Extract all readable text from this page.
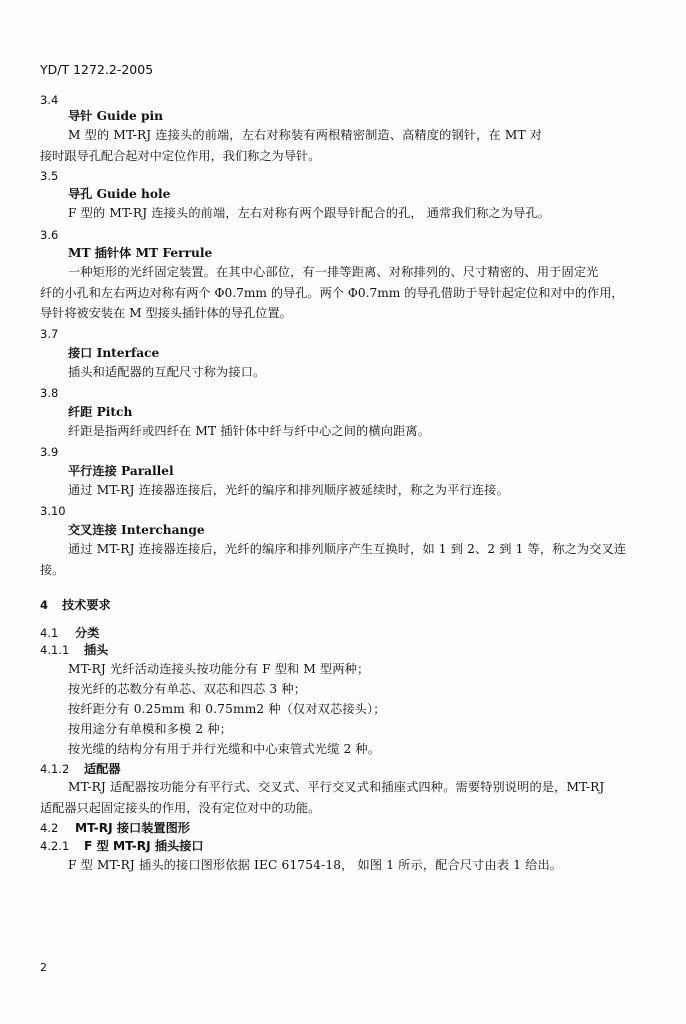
YD/T 1272.2-2005
3.4
导针 Guide pin
M 型的 MT-RJ 连接头的前端，左右对称装有两根精密制造、高精度的钢针，在 MT 对
接时跟导孔配合起对中定位作用，我们称之为导针。
3.5
导孔 Guide hole
F 型的 MT-RJ 连接头的前端，左右对称有两个跟导针配合的孔， 通常我们称之为导孔。
3.6
MT 插针体 MT Ferrule
一种矩形的光纤固定装置。在其中心部位，有一排等距离、对称排列的、尺寸精密的、用于固定光
纤的小孔和左右两边对称有两个 Φ0.7mm 的导孔。两个 Φ0.7mm 的导孔借助于导针起定位和对中的作用，
导针将被安装在 M 型接头插针体的导孔位置。
3.7
接口 Interface
插头和适配器的互配尺寸称为接口。
3.8
纤距 Pitch
纤距是指两纤或四纤在 MT 插针体中纤与纤中心之间的横向距离。
3.9
平行连接 Parallel
通过 MT-RJ 连接器连接后，光纤的编序和排列顺序被延续时，称之为平行连接。
3.10
交叉连接 Interchange
通过 MT-RJ 连接器连接后，光纤的编序和排列顺序产生互换时，如 1 到 2、2 到 1 等，称之为交叉连
接。
4 技术要求
4.1 分类
4.1.1 插头
MT-RJ 光纤活动连接头按功能分有 F 型和 M 型两种；
按光纤的芯数分有单芯、双芯和四芯 3 种；
按纤距分有 0.25mm 和 0.75mm2 种（仅对双芯接头）；
按用途分有单模和多模 2 种；
按光缆的结构分有用于并行光缆和中心束管式光缆 2 种。
4.1.2 适配器
MT-RJ 适配器按功能分有平行式、交叉式、平行交叉式和插座式四种。需要特别说明的是，MT-RJ
适配器只起固定接头的作用，没有定位对中的功能。
4.2 MT-RJ 接口装置图形
4.2.1 F 型 MT-RJ 插头接口
F 型 MT-RJ 插头的接口图形依据 IEC 61754-18， 如图 1 所示，配合尺寸由表 1 给出。
2
